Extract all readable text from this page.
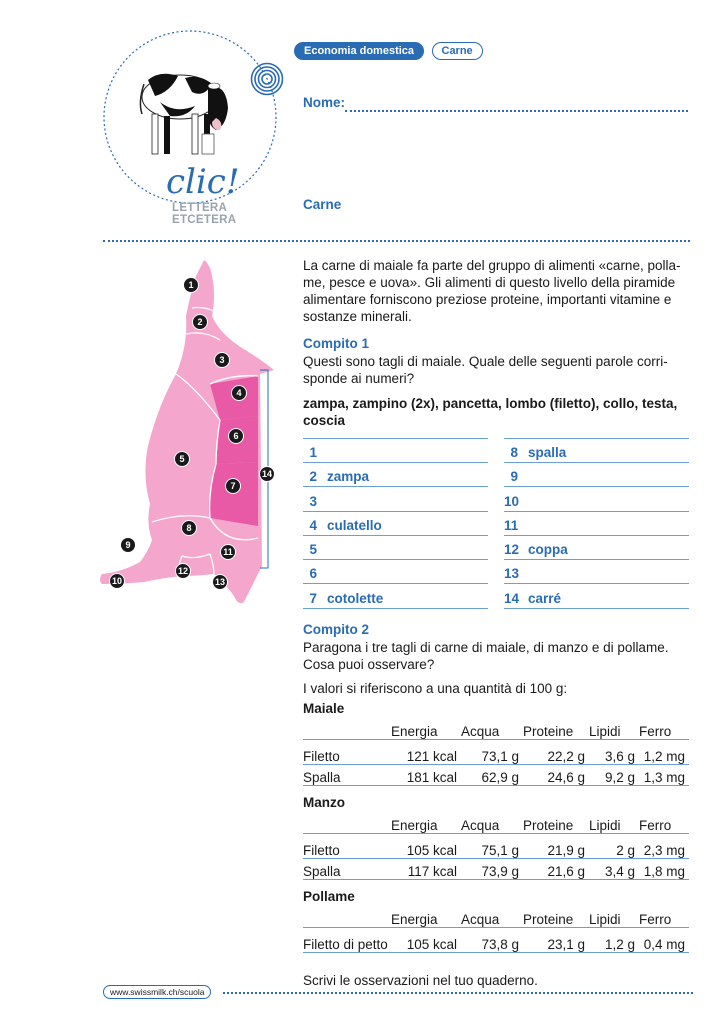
clic!
LETTERA ETCETERA
Economia domestica Carne
Nome:
Carne
1
2
3
4
5
6
7
8
9
10
11
12
13
14
La carne di maiale fa parte del gruppo di alimenti «carne, polla-
me, pesce e uova». Gli alimenti di questo livello della piramide
alimentare forniscono preziose proteine, importanti vitamine e
sostanze minerali.
Compito 1
Questi sono tagli di maiale. Quale delle seguenti parole corri-
sponde ai numeri?
zampa, zampino (2x), pancetta, lombo (filetto), collo, testa,
coscia
1
2 zampa
3
4 culatello
5
6
7 cotolette
8 spalla
9
10
11
12 coppa
13
14 carré
Compito 2
Paragona i tre tagli di carne di maiale, di manzo e di pollame.
Cosa puoi osservare?
I valori si riferiscono a una quantità di 100 g:
Maiale
	Energia	Acqua	Proteine	Lipidi	Ferro
Filetto	121 kcal	73,1 g	22,2 g	3,6 g	1,2 mg
Spalla	181 kcal	62,9 g	24,6 g	9,2 g	1,3 mg
Manzo
	Energia	Acqua	Proteine	Lipidi	Ferro
Filetto	105 kcal	75,1 g	21,9 g	2 g	2,3 mg
Spalla	117 kcal	73,9 g	21,6 g	3,4 g	1,8 mg
Pollame
	Energia	Acqua	Proteine	Lipidi	Ferro
Filetto di petto	105 kcal	73,8 g	23,1 g	1,2 g	0,4 mg
Scrivi le osservazioni nel tuo quaderno.
www.swissmilk.ch/scuola
